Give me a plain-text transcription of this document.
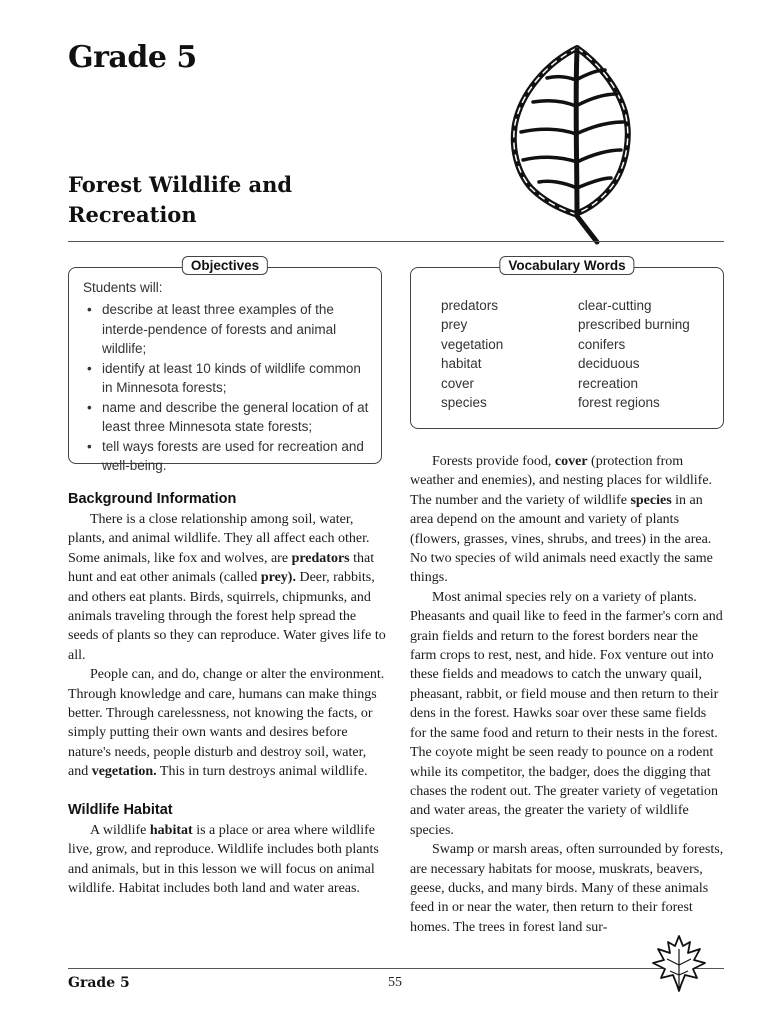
Grade 5
Forest Wildlife and
Recreation
Objectives

Students will:

• describe at least three examples of the interde-pendence of forests and animal wildlife;
• identify at least 10 kinds of wildlife common in Minnesota forests;
• name and describe the general location of at least three Minnesota state forests;
• tell ways forests are used for recreation and well-being.
Vocabulary Words
predators
prey
vegetation
habitat
cover
species
clear-cutting
prescribed burning
conifers
deciduous
recreation
forest regions
Background Information

There is a close relationship among soil, water, plants, and animal wildlife. They all affect each other. Some animals, like fox and wolves, are predators that hunt and eat other animals (called prey). Deer, rabbits, and others eat plants. Birds, squirrels, chipmunks, and animals traveling through the forest help spread the seeds of plants so they can reproduce. Water gives life to all.

People can, and do, change or alter the environment. Through knowledge and care, humans can make things better. Through carelessness, not knowing the facts, or simply putting their own wants and desires before nature's needs, people disturb and destroy soil, water, and vegetation. This in turn destroys animal wildlife.

Wildlife Habitat

A wildlife habitat is a place or area where wildlife live, grow, and reproduce. Wildlife includes both plants and animals, but in this lesson we will focus on animal wildlife. Habitat includes both land and water areas.

Forests provide food, cover (protection from weather and enemies), and nesting places for wildlife. The number and the variety of wildlife species in an area depend on the amount and variety of plants (flowers, grasses, vines, shrubs, and trees) in the area. No two species of wild animals need exactly the same things.

Most animal species rely on a variety of plants. Pheasants and quail like to feed in the farmer's corn and grain fields and return to the forest borders near the farm crops to rest, nest, and hide. Fox venture out into these fields and meadows to catch the unwary quail, pheasant, rabbit, or field mouse and then return to their dens in the forest. Hawks soar over these same fields for the same food and return to their nests in the forest. The coyote might be seen ready to pounce on a rodent while its competitor, the badger, does the digging that chases the rodent out. The greater variety of vegetation and water areas, the greater the variety of wildlife species.

Swamp or marsh areas, often surrounded by forests, are necessary habitats for moose, muskrats, beavers, geese, ducks, and many birds. Many of these animals feed in or near the water, then return to their forest homes. The trees in forest land sur-

Grade 5	55
